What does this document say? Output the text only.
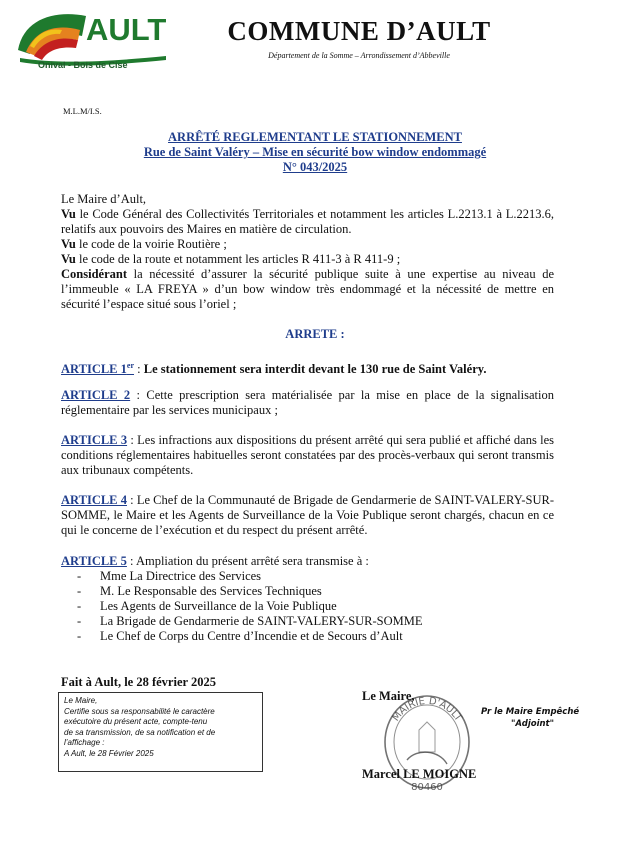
AULT
Onival - Bois de Cise
COMMUNE D’AULT
Département de la Somme – Arrondissement d’Abbeville
M.L.M/I.S.
ARRÊTÉ REGLEMENTANT LE STATIONNEMENT
Rue de Saint Valéry – Mise en sécurité bow window endommagé
N° 043/2025
Le Maire d’Ault,
Vu le Code Général des Collectivités Territoriales et notamment les articles L.2213.1 à L.2213.6, relatifs aux pouvoirs des Maires en matière de circulation.
Vu le code de la voirie Routière ;
Vu le code de la route et notamment les articles R 411-3 à R 411-9 ;
Considérant la nécessité d’assurer la sécurité publique suite à une expertise au niveau de l’immeuble « LA FREYA » d’un bow window très endommagé et la nécessité de mettre en sécurité l’espace situé sous l’oriel ;
ARRETE :
ARTICLE 1er : Le stationnement sera interdit devant le 130 rue de Saint Valéry.
ARTICLE 2 : Cette prescription sera matérialisée par la mise en place de la signalisation réglementaire par les services municipaux ;
ARTICLE 3 : Les infractions aux dispositions du présent arrêté qui sera publié et affiché dans les conditions réglementaires habituelles seront constatées par des procès-verbaux qui seront transmis aux tribunaux compétents.
ARTICLE 4 : Le Chef de la Communauté de Brigade de Gendarmerie de SAINT-VALERY-SUR-SOMME, le Maire et les Agents de Surveillance de la Voie Publique seront chargés, chacun en ce qui le concerne de l’exécution et du respect du présent arrêté.
ARTICLE 5 : Ampliation du présent arrêté sera transmise à :
- Mme La Directrice des Services
- M. Le Responsable des Services Techniques
- Les Agents de Surveillance de la Voie Publique
- La Brigade de Gendarmerie de SAINT-VALERY-SUR-SOMME
- Le Chef de Corps du Centre d’Incendie et de Secours d’Ault
Fait à Ault, le 28 février 2025
Le Maire,
Certifie sous sa responsabilité le caractère
exécutoire du présent acte, compte-tenu
de sa transmission, de sa notification et de
l’affichage :
A Ault, le 28 Février 2025
MAIRIE D'AULT
80460
Le Maire,
Pr le Maire Empêché
"Adjoint"
Marcel LE MOIGNE
